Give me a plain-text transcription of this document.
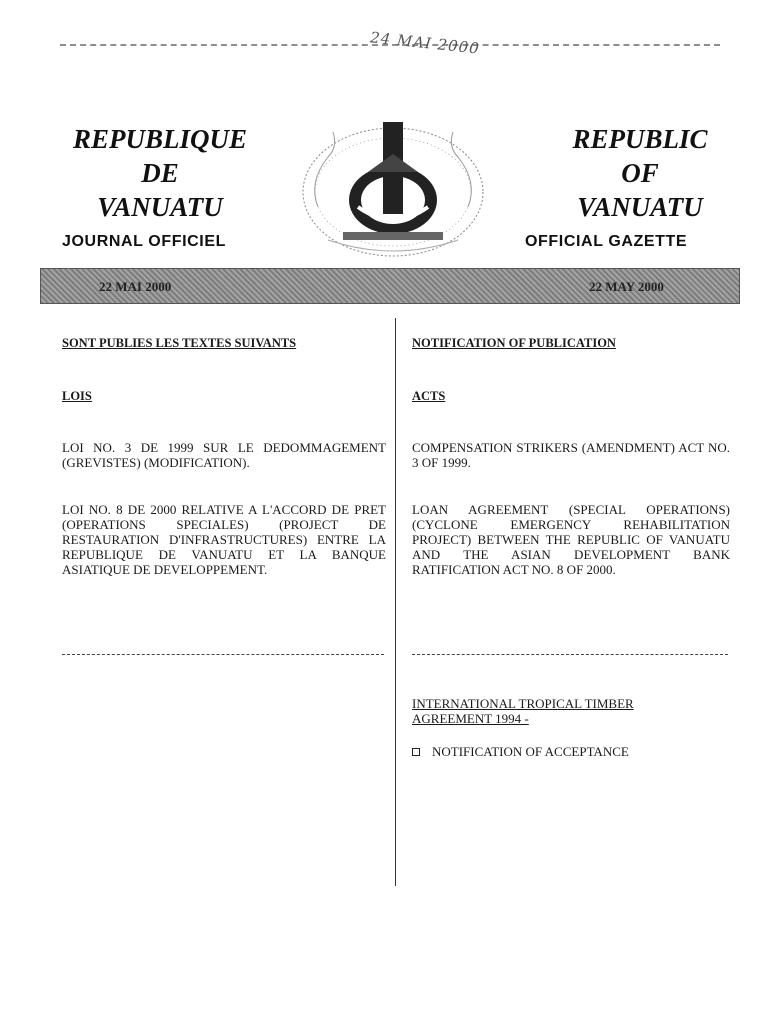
24 MAI 2000
REPUBLIQUE
DE
VANUATU
REPUBLIC
OF
VANUATU
JOURNAL OFFICIEL	OFFICIAL GAZETTE
22 MAI 2000	22 MAY 2000
SONT PUBLIES LES TEXTES SUIVANTS
LOIS
LOI NO. 3 DE 1999 SUR LE DEDOMMAGEMENT (GREVISTES) (MODIFICATION).
LOI NO. 8 DE 2000 RELATIVE A L'ACCORD DE PRET (OPERATIONS SPECIALES) (PROJECT DE RESTAURATION D'INFRASTRUCTURES) ENTRE LA REPUBLIQUE DE VANUATU ET LA BANQUE ASIATIQUE DE DEVELOPPEMENT.
NOTIFICATION OF PUBLICATION
ACTS
COMPENSATION STRIKERS (AMENDMENT) ACT NO. 3 OF 1999.
LOAN AGREEMENT (SPECIAL OPERATIONS) (CYCLONE EMERGENCY REHABILITATION PROJECT) BETWEEN THE REPUBLIC OF VANUATU AND THE ASIAN DEVELOPMENT BANK RATIFICATION ACT NO. 8 OF 2000.
INTERNATIONAL TROPICAL TIMBER AGREEMENT 1994 -
NOTIFICATION OF ACCEPTANCE
